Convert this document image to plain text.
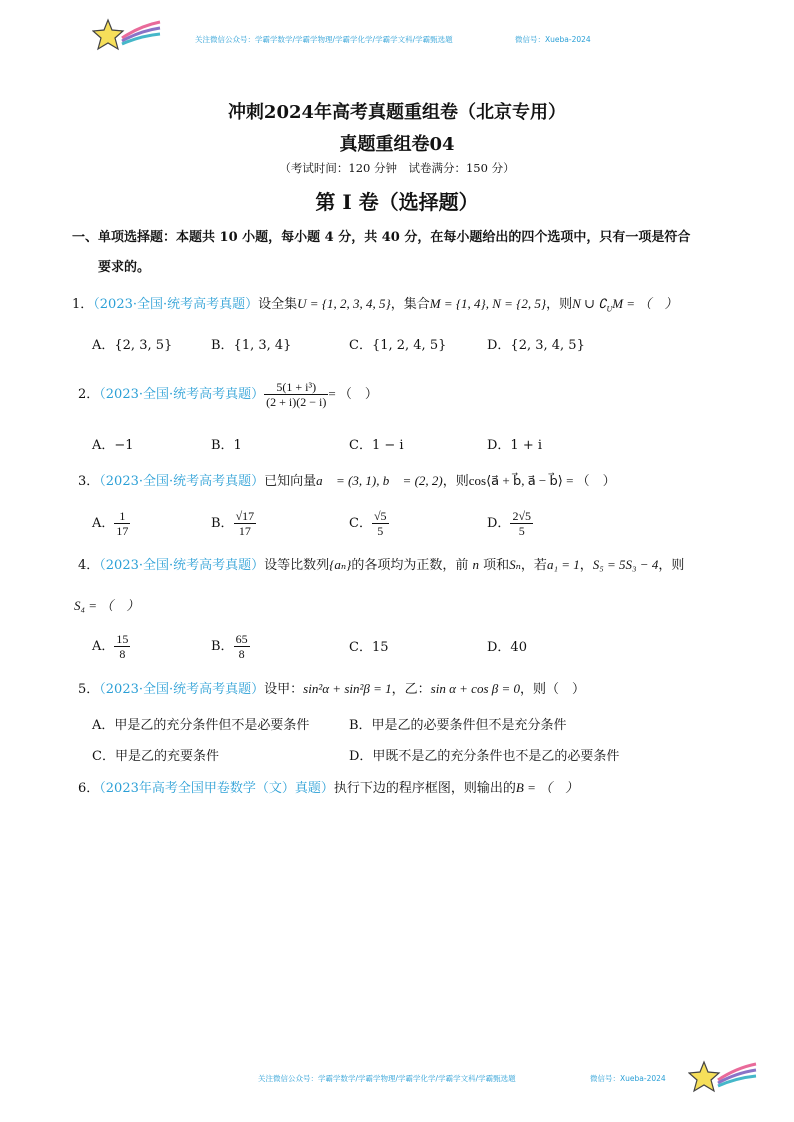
关注微信公众号：学霸学数学/学霸学物理/学霸学化学/学霸学文科/学霸甄选题	微信号：Xueba-2024
冲刺2024年高考真题重组卷（北京专用）
真题重组卷04
（考试时间：120 分钟　试卷满分：150 分）
第 I 卷（选择题）
一、单项选择题：本题共 10 小题，每小题 4 分，共 40 分，在每小题给出的四个选项中，只有一项是符合
要求的。
1．（2023·全国·统考高考真题）设全集U = {1, 2, 3, 4, 5}，集合M = {1, 4}, N = {2, 5}，则N ∪ $∁_UM$ = （　）
A．{2, 3, 5}	B．{1, 3, 4}	C．{1, 2, 4, 5}	D．{2, 3, 4, 5}
2．（2023·全国·统考高考真题） $\frac{\text{5(1 + i³)}}{(2 + i)(2 - i)}$ = （　）
A．−1	B．1	C．1 − i	D．1 + i
3．（2023·全国·统考高考真题）已知向量a⃗ = (3, 1), b⃗ = (2, 2)，则cos⟨a⃗ + b⃗, a⃗ − b⃗⟩ = （　）
A． $\frac{1}{17}$	B． $\frac{√17}{17}$	C． $\frac{√5}{5}$	D． $\frac{2√5}{5}$
4．（2023·全国·统考高考真题）设等比数列{aₙ}的各项均为正数，前 n 项和Sₙ，若a₁ = 1，S₅ = 5S₃ − 4，则
S₄ = （　）
A． $\frac{15}{8}$	B． $\frac{65}{8}$	C．15	D．40
5．（2023·全国·统考高考真题）设甲：sin²α + sin²β = 1，乙：sin α + cos β = 0，则（　）
A．甲是乙的充分条件但不是必要条件	B．甲是乙的必要条件但不是充分条件
C．甲是乙的充要条件	D．甲既不是乙的充分条件也不是乙的必要条件
6．（2023年高考全国甲卷数学（文）真题）执行下边的程序框图，则输出的B = （　）
关注微信公众号：学霸学数学/学霸学物理/学霸学化学/学霸学文科/学霸甄选题	微信号：Xueba-2024
